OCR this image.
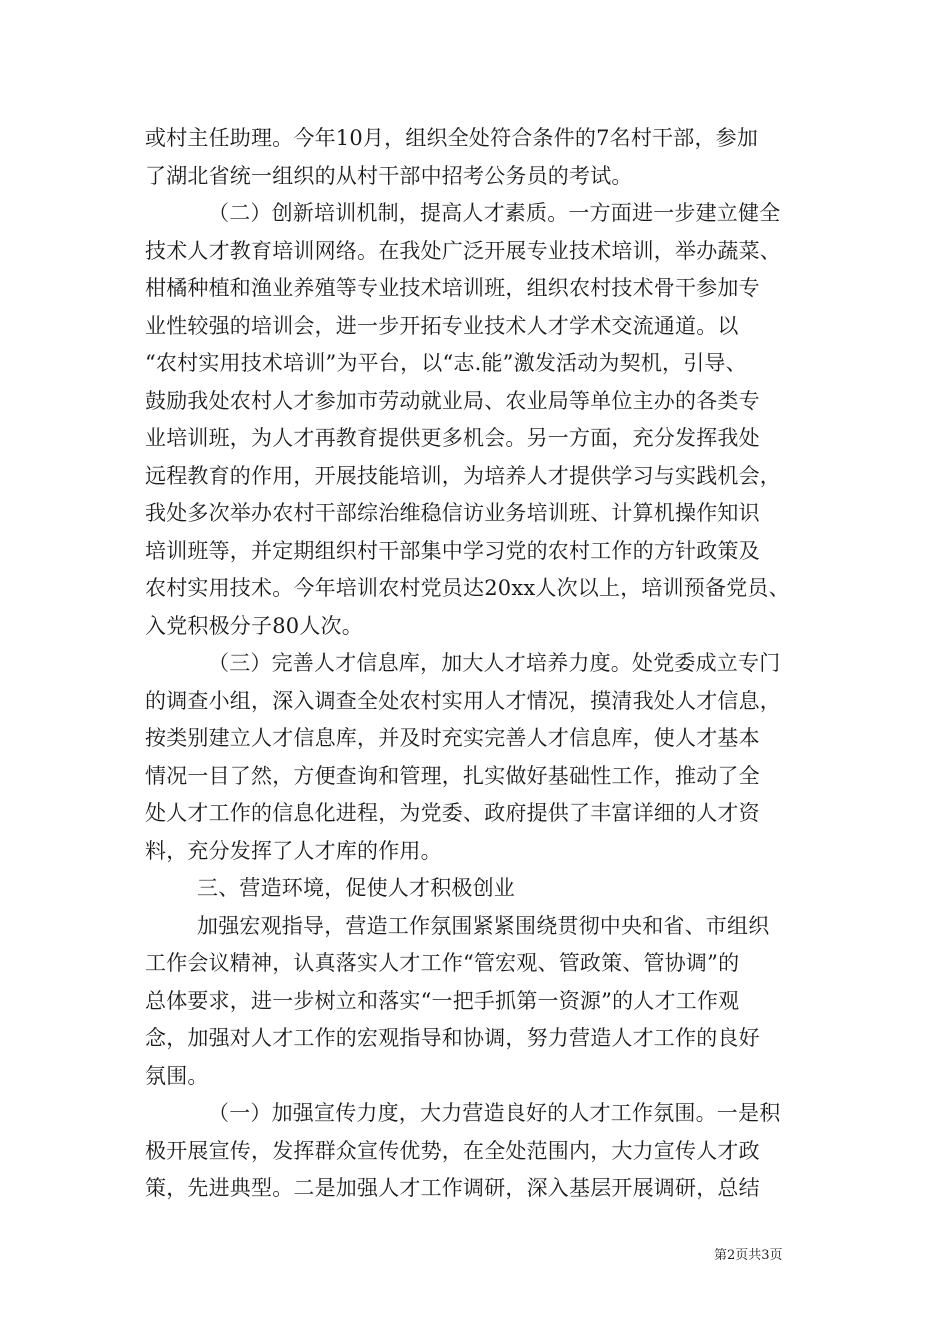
或村主任助理。今年10月，组织全处符合条件的7名村干部，参加
了湖北省统一组织的从村干部中招考公务员的考试。
（二）创新培训机制，提高人才素质。一方面进一步建立健全
技术人才教育培训网络。在我处广泛开展专业技术培训，举办蔬菜、
柑橘种植和渔业养殖等专业技术培训班，组织农村技术骨干参加专
业性较强的培训会，进一步开拓专业技术人才学术交流通道。以
“农村实用技术培训”为平台，以“志.能”激发活动为契机，引导、
鼓励我处农村人才参加市劳动就业局、农业局等单位主办的各类专
业培训班，为人才再教育提供更多机会。另一方面，充分发挥我处
远程教育的作用，开展技能培训，为培养人才提供学习与实践机会，
我处多次举办农村干部综治维稳信访业务培训班、计算机操作知识
培训班等，并定期组织村干部集中学习党的农村工作的方针政策及
农村实用技术。今年培训农村党员达20xx人次以上，培训预备党员、
入党积极分子80人次。
（三）完善人才信息库，加大人才培养力度。处党委成立专门
的调查小组，深入调查全处农村实用人才情况，摸清我处人才信息，
按类别建立人才信息库，并及时充实完善人才信息库，使人才基本
情况一目了然，方便查询和管理，扎实做好基础性工作，推动了全
处人才工作的信息化进程，为党委、政府提供了丰富详细的人才资
料，充分发挥了人才库的作用。
三、营造环境，促使人才积极创业
加强宏观指导，营造工作氛围紧紧围绕贯彻中央和省、市组织
工作会议精神，认真落实人才工作“管宏观、管政策、管协调”的
总体要求，进一步树立和落实“一把手抓第一资源”的人才工作观
念，加强对人才工作的宏观指导和协调，努力营造人才工作的良好
氛围。
（一）加强宣传力度，大力营造良好的人才工作氛围。一是积
极开展宣传，发挥群众宣传优势，在全处范围内，大力宣传人才政
策，先进典型。二是加强人才工作调研，深入基层开展调研，总结
第2页共3页
